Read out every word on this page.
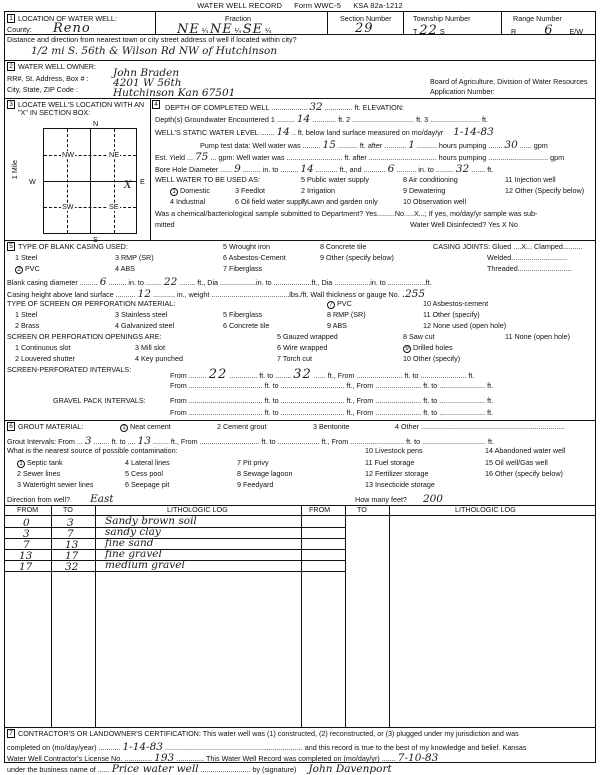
WATER WELL RECORD Form WWC-5 KSA 82a-1212
1 LOCATION OF WATER WELL:
County: Reno
Fraction
NE ¼ NE ¼ SE ¼
Section Number
29
Township Number
T 22 S
Range Number
R 6 E/W
Distance and direction from nearest town or city street address of well if located within city?
1/2 mi S. 56th & Wilson Rd NW of Hutchinson
2 WATER WELL OWNER:
John Braden
RR#, St. Address, Box # : 4201 W 56th
City, State, ZIP Code :	Hutchinson Kan 67501
Board of Agriculture, Division of Water Resources
Application Number:
3 LOCATE WELL'S LOCATION WITH AN "X" IN SECTION BOX:
N
S
W	E
1 Mile
NW	NE
SW	SE
X
4 DEPTH OF COMPLETED WELL .................. 32 .............. ft. ELEVATION:
Depth(s) Groundwater Encountered 1 ......... 14 ............ ft. 2 ............................... ft. 3 ......................... ft.
WELL'S STATIC WATER LEVEL ....... 14 .. ft. below land surface measured on mo/day/yr 1-14-83
Pump test data: Well water was ......... 15 .......... ft. after ........... 1 .......... hours pumping ....... 30 ...... gpm
Est. Yield ... 75 ... gpm: Well water was ............................ ft. after .................................. hours pumping .............................. gpm
Bore Hole Diameter ...... 9 ......... in. to ......... 14 ........... ft., and ........... 6 .......... in. to ......... 32 ....... ft.
WELL WATER TO BE USED AS:
1 Domestic	3 Feedlot
5 Public water supply	8 Air conditioning	11 Injection well
2 Irrigation	9 Dewatering	12 Other (Specify below)
4 Industrial	6 Oil field water supply
7 Lawn and garden only	10 Observation well
Was a chemical/bacteriological sample submitted to Department? Yes.........No.....X...; If yes, mo/day/yr sample was sub-
mitted	Water Well Disinfected? Yes X No
5 TYPE OF BLANK CASING USED:
1 Steel	3 RMP (SR)
5 Wrought iron	8 Concrete tile
2 PVC	4 ABS
6 Asbestos-Cement	9 Other (specify below)
7 Fiberglass
CASING JOINTS: Glued ....X... Clamped..........
Welded............................
Threaded...........................
Blank casing diameter ......... 6 ......... in. to ........ 22 ........ ft., Dia ..................in. to ...................ft., Dia ..................in. to ...................ft.
Casing height above land surface .......... 12 ........... in., weight .......................................lbs./ft. Wall thickness or gauge No. .255
TYPE OF SCREEN OR PERFORATION MATERIAL:	7 PVC	10 Asbestos-cement
1 Steel	3 Stainless steel	5 Fiberglass	8 RMP (SR)	11 Other (specify)
2 Brass	4 Galvanized steel	6 Concrete tile	9 ABS	12 None used (open hole)
SCREEN OR PERFORATION OPENINGS ARE:	5 Gauzed wrapped	8 Saw cut	11 None (open hole)
1 Continuous slot	3 Mill slot	6 Wire wrapped	9 Drilled holes
2 Louvered shutter	4 Key punched	7 Torch cut	10 Other (specify)
SCREEN-PERFORATED INTERVALS:
From ......... 22 .............. ft. to ........ 32 ...... ft., From ....................... ft. to ....................... ft.
From ..................................... ft. to ................................ ft., From ....................... ft. to ....................... ft.
GRAVEL PACK INTERVALS:	From ..................................... ft. to ................................ ft., From ....................... ft. to ....................... ft.
From ..................................... ft. to ................................ ft., From ....................... ft. to ....................... ft.
6 GROUT MATERIAL:	1 Neat cement	2 Cement grout	3 Bentonite	4 Other ........................................................................
Grout Intervals: From ... 3 ........ ft. to .... 13 ........ ft., From .............................. ft. to ..................... ft., From ........................... ft. to ................................ ft.
What is the nearest source of possible contamination:	10 Livestock pens	14 Abandoned water well
1 Septic tank	4 Lateral lines	7 Pit privy	11 Fuel storage	15 Oil well/Gas well
2 Sewer lines	5 Cess pool	8 Sewage lagoon	12 Fertilizer storage	16 Other (specify below)
3 Watertight sewer lines	6 Seepage pit	9 Feedyard	13 Insecticide storage
Direction from well? East	How many feet? 200
FROM	TO	LITHOLOGIC LOG	FROM	TO	LITHOLOGIC LOG
0	3	Sandy brown soil
3	7	sandy clay
7	13	fine sand
13	17	fine gravel
17	32	medium gravel
7 CONTRACTOR'S OR LANDOWNER'S CERTIFICATION: This water well was (1) constructed, (2) reconstructed, or (3) plugged under my jurisdiction and was
completed on (mo/day/year) ........... 1-14-83 ..................................................................... and this record is true to the best of my knowledge and belief. Kansas
Water Well Contractor's License No. .............. 193 .............. This Water Well Record was completed on (mo/day/yr) ....... 7-10-83
under the business name of ...... Price water well ......................... by (signature) John Davenport
